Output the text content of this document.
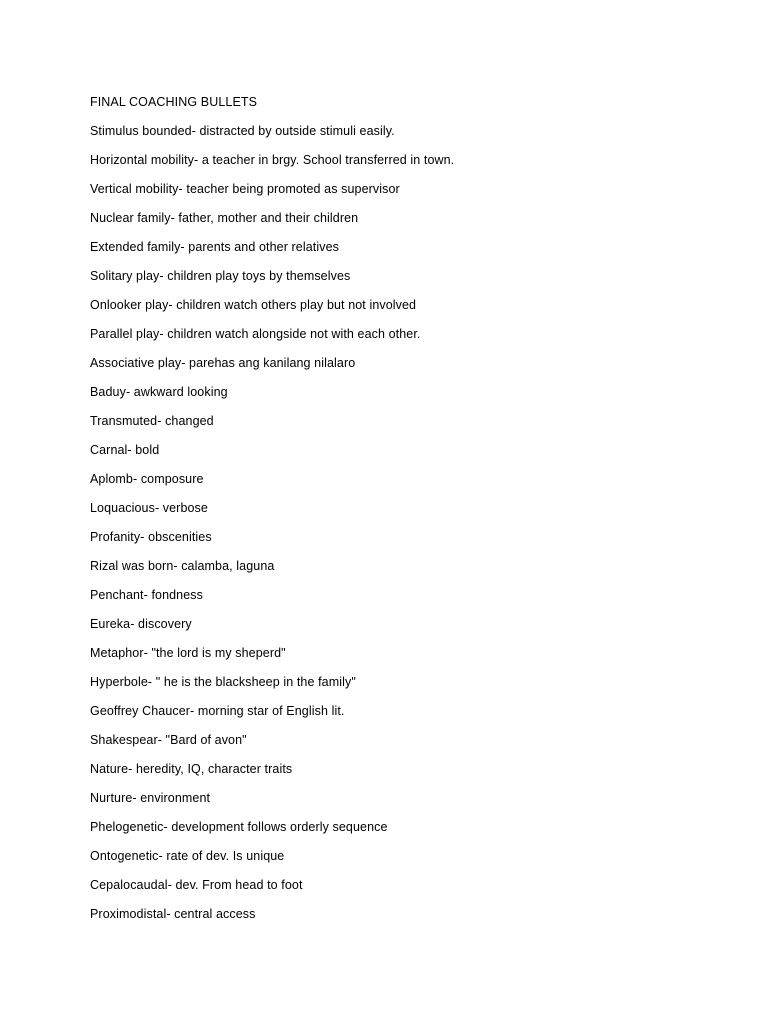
FINAL COACHING BULLETS
Stimulus bounded- distracted by outside stimuli easily.
Horizontal mobility- a teacher in brgy. School transferred in town.
Vertical mobility- teacher being promoted as supervisor
Nuclear family- father, mother and their children
Extended family- parents and other relatives
Solitary play- children play toys by themselves
Onlooker play- children watch others play but not involved
Parallel play- children watch alongside not with each other.
Associative play- parehas ang kanilang nilalaro
Baduy- awkward looking
Transmuted- changed
Carnal- bold
Aplomb- composure
Loquacious- verbose
Profanity- obscenities
Rizal was born- calamba, laguna
Penchant- fondness
Eureka- discovery
Metaphor- "the lord is my sheperd"
Hyperbole- " he is the blacksheep in the family"
Geoffrey Chaucer- morning star of English lit.
Shakespear- "Bard of avon"
Nature- heredity, IQ, character traits
Nurture- environment
Phelogenetic- development follows orderly sequence
Ontogenetic- rate of dev. Is unique
Cepalocaudal- dev. From head to foot
Proximodistal- central access
